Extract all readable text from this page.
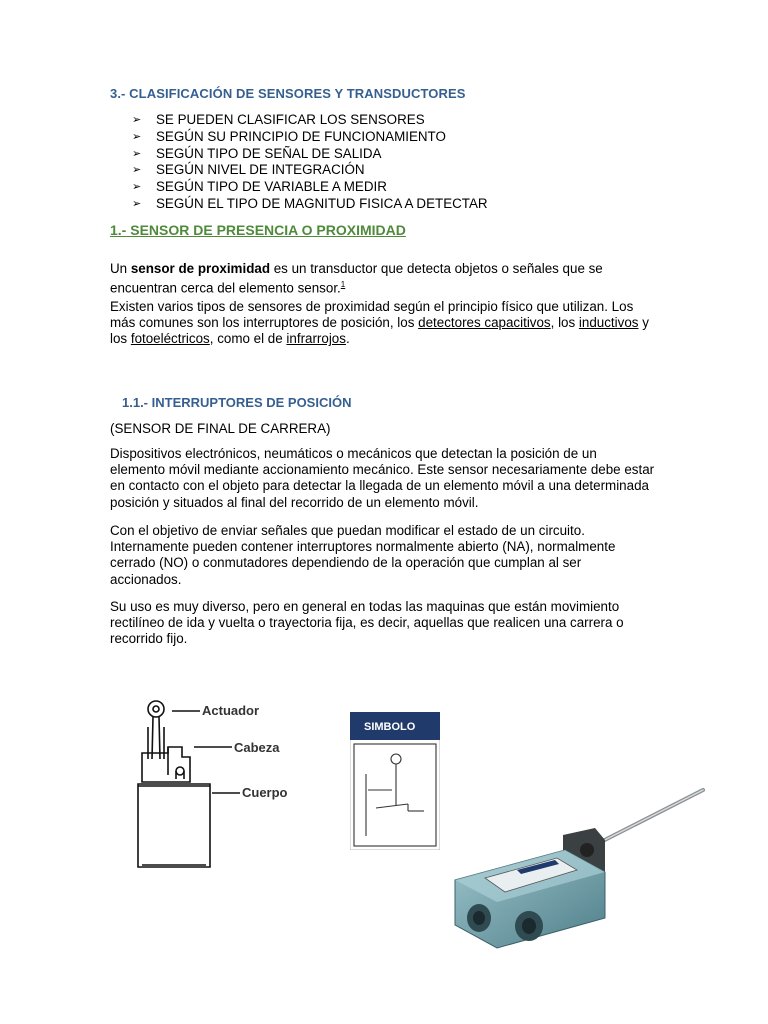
3.- CLASIFICACIÓN DE SENSORES Y TRANSDUCTORES
➢	SE PUEDEN CLASIFICAR LOS SENSORES
➢	SEGÚN SU PRINCIPIO DE FUNCIONAMIENTO
➢	SEGÚN TIPO DE SEÑAL DE SALIDA
➢	SEGÚN NIVEL DE INTEGRACIÓN
➢	SEGÚN TIPO DE VARIABLE A MEDIR
➢	SEGÚN EL TIPO DE MAGNITUD FISICA A DETECTAR
1.- SENSOR DE PRESENCIA O PROXIMIDAD

Un sensor de proximidad es un transductor que detecta objetos o señales que se encuentran cerca del elemento sensor.$^1$

Existen varios tipos de sensores de proximidad según el principio físico que utilizan. Los más comunes son los interruptores de posición, los detectores capacitivos, los inductivos y los fotoeléctricos, como el de infrarrojos.

1.1.- INTERRUPTORES DE POSICIÓN

(SENSOR DE FINAL DE CARRERA)

Dispositivos electrónicos, neumáticos o mecánicos que detectan la posición de un elemento móvil mediante accionamiento mecánico. Este sensor necesariamente debe estar en contacto con el objeto para detectar la llegada de un elemento móvil a una determinada posición y situados al final del recorrido de un elemento móvil.

Con el objetivo de enviar señales que puedan modificar el estado de un circuito. Internamente pueden contener interruptores normalmente abierto (NA), normalmente cerrado (NO) o conmutadores dependiendo de la operación que cumplan al ser accionados.

Su uso es muy diverso, pero en general en todas las maquinas que están movimiento rectilíneo de ida y vuelta o trayectoria fija, es decir, aquellas que realicen una carrera o recorrido fijo.

Actuador
Cabeza
Cuerpo
SIMBOLO
